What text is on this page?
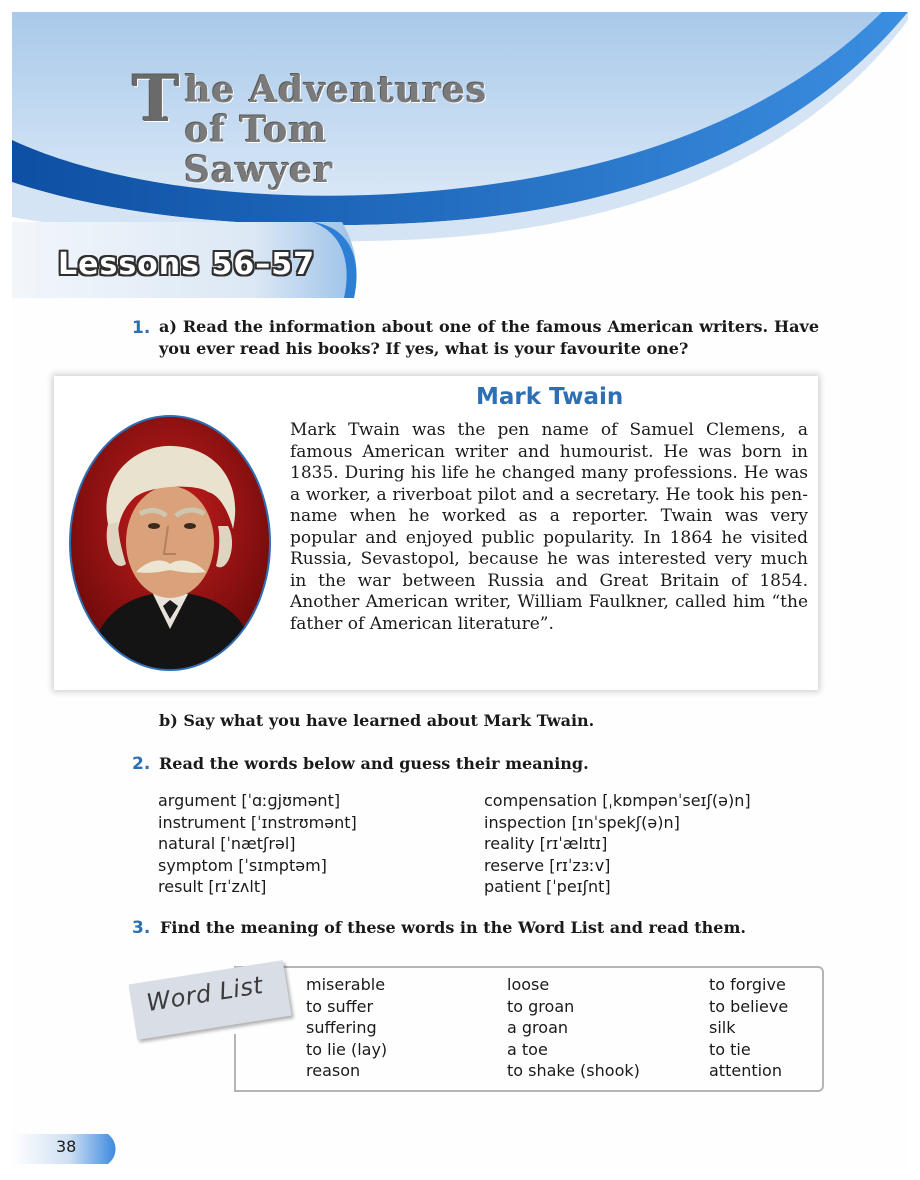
T he Adventures
of Tom Sawyer
Lessons 56–57
1. a) Read the information about one of the famous American writers. Have you ever read his books? If yes, what is your favourite one?
Mark Twain
Mark Twain was the pen name of Samuel Clemens, a famous American writer and humourist. He was born in 1835. During his life he changed many professions. He was a worker, a riverboat pilot and a secretary. He took his pen-name when he worked as a reporter. Twain was very popular and enjoyed public popularity. In 1864 he visited Russia, Sevastopol, because he was interested very much in the war between Russia and Great Britain of 1854. Another American writer, William Faulkner, called him “the father of American literature”.
b) Say what you have learned about Mark Twain.
2. Read the words below and guess their meaning.
argument [ˈɑːɡjʊmənt]
instrument [ˈɪnstrʊmənt]
natural [ˈnætʃrəl]
symptom [ˈsɪmptəm]
result [rɪˈzʌlt]
compensation [ˌkɒmpənˈseɪʃ(ə)n]
inspection [ɪnˈspekʃ(ə)n]
reality [rɪˈælɪtɪ]
reserve [rɪˈzɜːv]
patient [ˈpeɪʃnt]
3. Find the meaning of these words in the Word List and read them.
Word List	miserable
to suffer
suffering
to lie (lay)
reason
loose
to groan
a groan
a toe
to shake (shook)
to forgive
to believe
silk
to tie
attention
38
